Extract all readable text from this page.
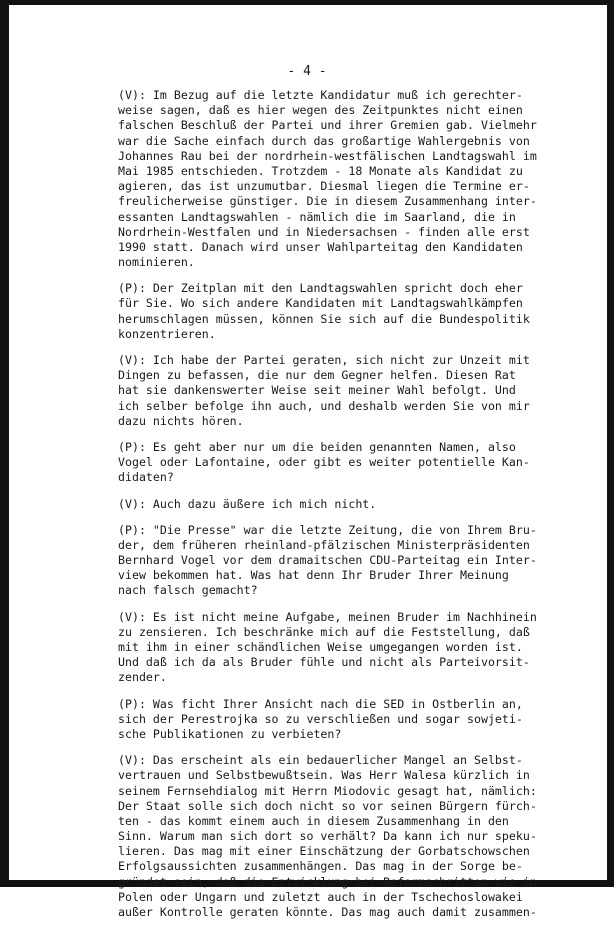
- 4 -
(V): Im Bezug auf die letzte Kandidatur muß ich gerechter-
weise sagen, daß es hier wegen des Zeitpunktes nicht einen
falschen Beschluß der Partei und ihrer Gremien gab. Vielmehr
war die Sache einfach durch das großartige Wahlergebnis von
Johannes Rau bei der nordrhein-westfälischen Landtagswahl im
Mai 1985 entschieden. Trotzdem - 18 Monate als Kandidat zu
agieren, das ist unzumutbar. Diesmal liegen die Termine er-
freulicherweise günstiger. Die in diesem Zusammenhang inter-
essanten Landtagswahlen - nämlich die im Saarland, die in
Nordrhein-Westfalen und in Niedersachsen - finden alle erst
1990 statt. Danach wird unser Wahlparteitag den Kandidaten
nominieren.
(P): Der Zeitplan mit den Landtagswahlen spricht doch eher
für Sie. Wo sich andere Kandidaten mit Landtagswahlkämpfen
herumschlagen müssen, können Sie sich auf die Bundespolitik
konzentrieren.
(V): Ich habe der Partei geraten, sich nicht zur Unzeit mit
Dingen zu befassen, die nur dem Gegner helfen. Diesen Rat
hat sie dankenswerter Weise seit meiner Wahl befolgt. Und
ich selber befolge ihn auch, und deshalb werden Sie von mir
dazu nichts hören.
(P): Es geht aber nur um die beiden genannten Namen, also
Vogel oder Lafontaine, oder gibt es weiter potentielle Kan-
didaten?
(V): Auch dazu äußere ich mich nicht.
(P): "Die Presse" war die letzte Zeitung, die von Ihrem Bru-
der, dem früheren rheinland-pfälzischen Ministerpräsidenten
Bernhard Vogel vor dem dramaitschen CDU-Parteitag ein Inter-
view bekommen hat. Was hat denn Ihr Bruder Ihrer Meinung
nach falsch gemacht?
(V): Es ist nicht meine Aufgabe, meinen Bruder im Nachhinein
zu zensieren. Ich beschränke mich auf die Feststellung, daß
mit ihm in einer schändlichen Weise umgegangen worden ist.
Und daß ich da als Bruder fühle und nicht als Parteivorsit-
zender.
(P): Was ficht Ihrer Ansicht nach die SED in Ostberlin an,
sich der Perestrojka so zu verschließen und sogar sowjeti-
sche Publikationen zu verbieten?
(V): Das erscheint als ein bedauerlicher Mangel an Selbst-
vertrauen und Selbstbewußtsein. Was Herr Walesa kürzlich in
seinem Fernsehdialog mit Herrn Miodovic gesagt hat, nämlich:
Der Staat solle sich doch nicht so vor seinen Bürgern fürch-
ten - das kommt einem auch in diesem Zusammenhang in den
Sinn. Warum man sich dort so verhält? Da kann ich nur speku-
lieren. Das mag mit einer Einschätzung der Gorbatschowschen
Erfolgsaussichten zusammenhängen. Das mag in der Sorge be-
gründet sein, daß die Entwicklung bei Reformschritten wie in
Polen oder Ungarn und zuletzt auch in der Tschechoslowakei
außer Kontrolle geraten könnte. Das mag auch damit zusammen-
